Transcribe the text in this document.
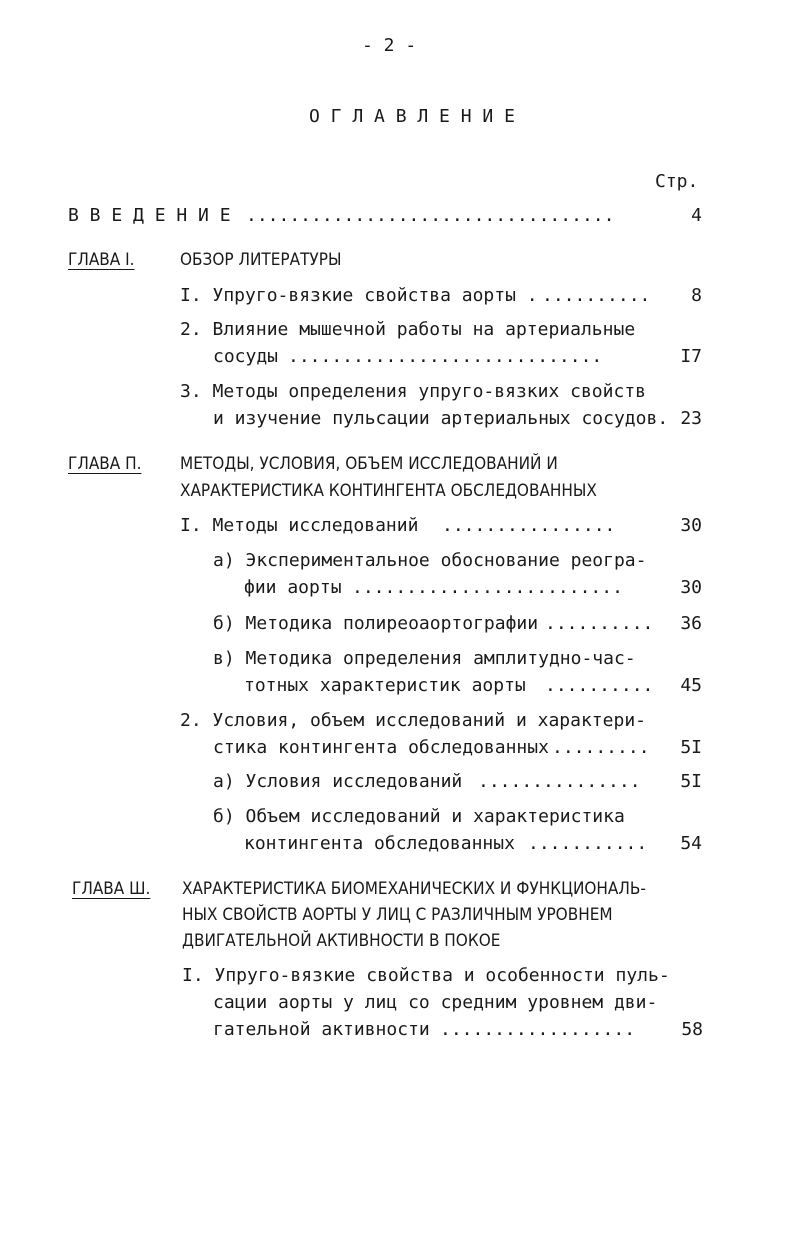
- 2 -
О Г Л А В Л Е Н И Е
Стр.
В В Е Д Е Н И Е ..................................	4
ГЛАВА I.	ОБЗОР ЛИТЕРАТУРЫ
I. Упруго-вязкие свойства аорты . .......... 8
2. Влияние мышечной работы на артериальные
сосуды .............................	I7
3. Методы определения упруго-вязких свойств
и изучение пульсации артериальных сосудов. 23
ГЛАВА П. МЕТОДЫ, УСЛОВИЯ, ОБЪЕМ ИССЛЕДОВАНИЙ И
ХАРАКТЕРИСТИКА КОНТИНГЕНТА ОБСЛЕДОВАННЫХ
I. Методы исследований ................	30
а) Экспериментальное обоснование реогра-
фии аорты .........................	30
б) Методика полиреоаортографии .......... 36
в) Методика определения амплитудно-час-
тотных характеристик аорты .......... 45
2. Условия, объем исследований и характери-
стика контингента обследованных ......... 5I
а) Условия исследований ............... 5I
б) Объем исследований и характеристика
контингента обследованных ........... 54
ГЛАВА Ш. ХАРАКТЕРИСТИКА БИОМЕХАНИЧЕСКИХ И ФУНКЦИОНАЛЬ-
НЫХ СВОЙСТВ АОРТЫ У ЛИЦ С РАЗЛИЧНЫМ УРОВНЕМ
ДВИГАТЕЛЬНОЙ АКТИВНОСТИ В ПОКОЕ
I. Упруго-вязкие свойства и особенности пуль-
сации аорты у лиц со средним уровнем дви-
гательной активности ..................	58
